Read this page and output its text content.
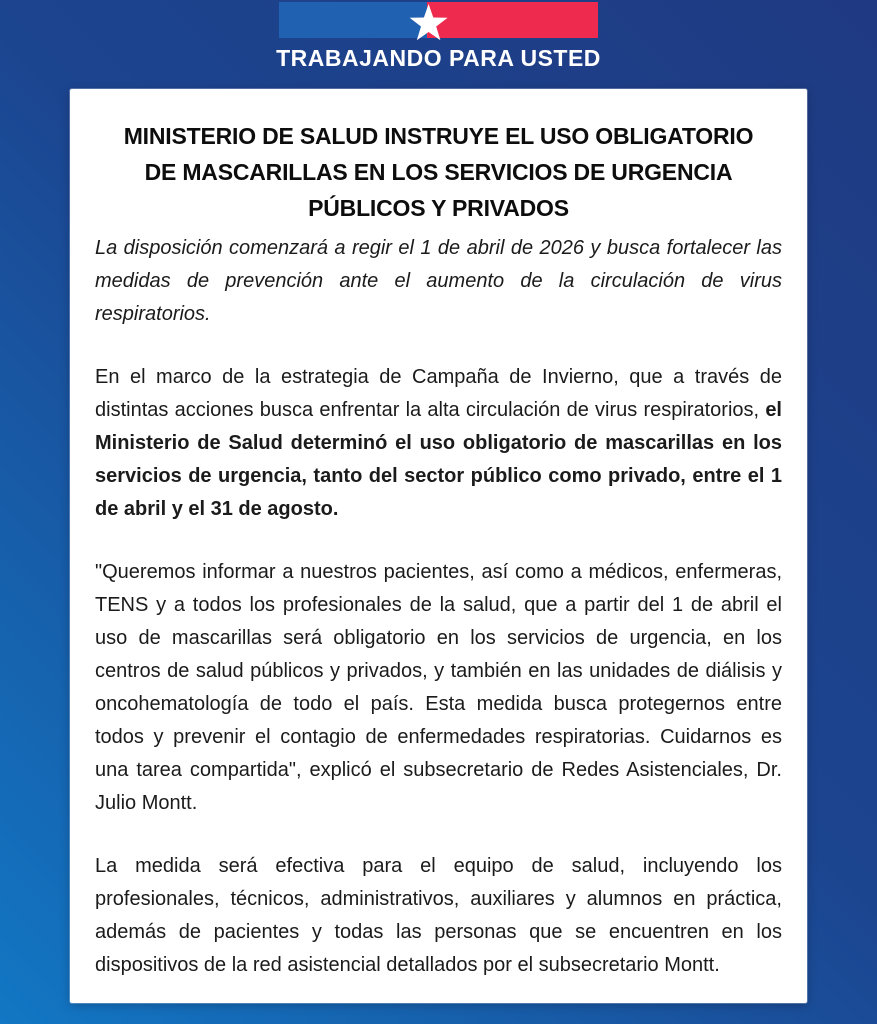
TRABAJANDO PARA USTED
MINISTERIO DE SALUD INSTRUYE EL USO OBLIGATORIO
DE MASCARILLAS EN LOS SERVICIOS DE URGENCIA
PÚBLICOS Y PRIVADOS

La disposición comenzará a regir el 1 de abril de 2026 y busca fortalecer las medidas de prevención ante el aumento de la circulación de virus respiratorios.

En el marco de la estrategia de Campaña de Invierno, que a través de distintas acciones busca enfrentar la alta circulación de virus respiratorios, el Ministerio de Salud determinó el uso obligatorio de mascarillas en los servicios de urgencia, tanto del sector público como privado, entre el 1 de abril y el 31 de agosto.

"Queremos informar a nuestros pacientes, así como a médicos, enfermeras, TENS y a todos los profesionales de la salud, que a partir del 1 de abril el uso de mascarillas será obligatorio en los servicios de urgencia, en los centros de salud públicos y privados, y también en las unidades de diálisis y oncohematología de todo el país. Esta medida busca protegernos entre todos y prevenir el contagio de enfermedades respiratorias. Cuidarnos es una tarea compartida", explicó el subsecretario de Redes Asistenciales, Dr. Julio Montt.

La medida será efectiva para el equipo de salud, incluyendo los profesionales, técnicos, administrativos, auxiliares y alumnos en práctica, además de pacientes y todas las personas que se encuentren en los dispositivos de la red asistencial detallados por el subsecretario Montt.
